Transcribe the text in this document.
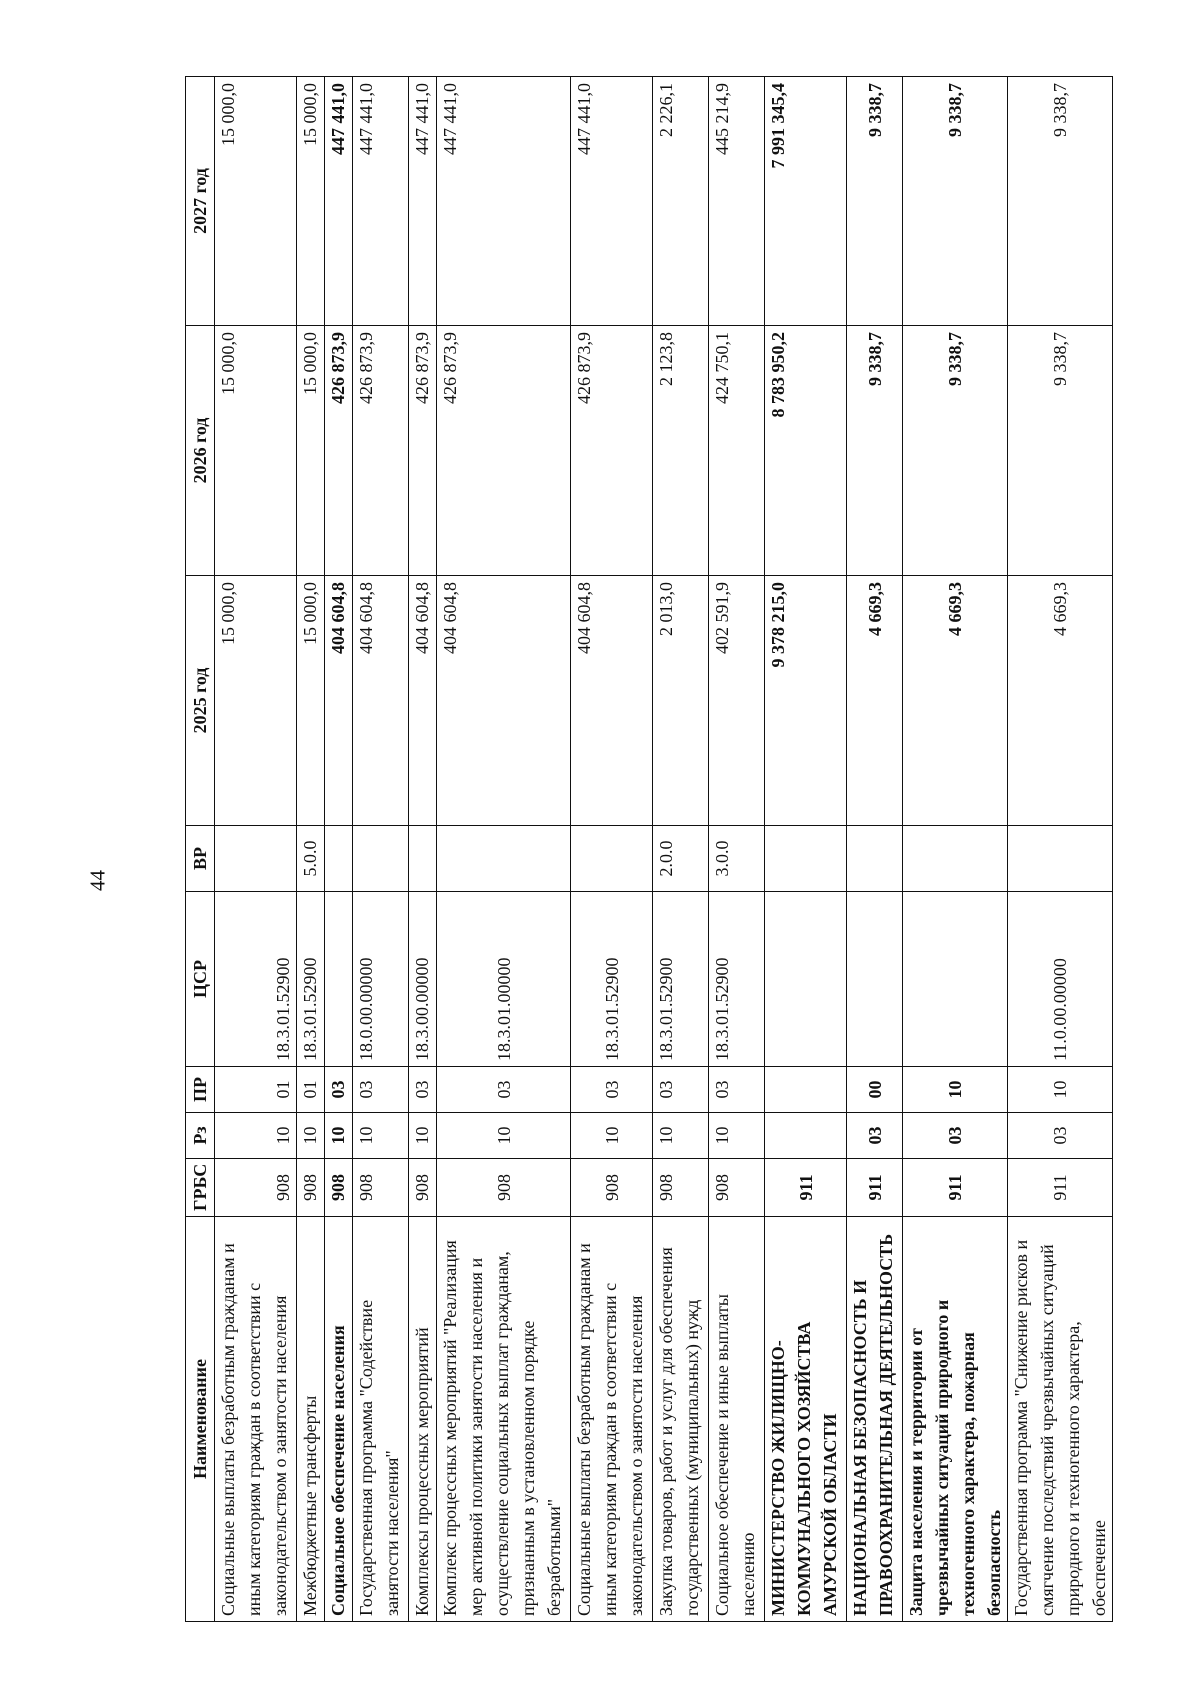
44
Наименование	ГРБС	Рз	ПР	ЦСР	ВР	2025 год	2026 год	2027 год
Социальные выплаты безработным гражданам и иным категориям граждан в соответствии с законодательством о занятости населения	908	10	01	18.3.01.52900		15 000,0	15 000,0	15 000,0
Межбюджетные трансферты	908	10	01	18.3.01.52900	5.0.0	15 000,0	15 000,0	15 000,0
Социальное обеспечение населения	908	10	03			404 604,8	426 873,9	447 441,0
Государственная программа "Содействие занятости населения"	908	10	03	18.0.00.00000		404 604,8	426 873,9	447 441,0
Комплексы процессных мероприятий	908	10	03	18.3.00.00000		404 604,8	426 873,9	447 441,0
Комплекс процессных мероприятий "Реализация мер активной политики занятости населения и осуществление социальных выплат гражданам, признанным в установленном порядке безработными"	908	10	03	18.3.01.00000		404 604,8	426 873,9	447 441,0
Социальные выплаты безработным гражданам и иным категориям граждан в соответствии с законодательством о занятости населения	908	10	03	18.3.01.52900		404 604,8	426 873,9	447 441,0
Закупка товаров, работ и услуг для обеспечения государственных (муниципальных) нужд	908	10	03	18.3.01.52900	2.0.0	2 013,0	2 123,8	2 226,1
Социальное обеспечение и иные выплаты населению	908	10	03	18.3.01.52900	3.0.0	402 591,9	424 750,1	445 214,9
МИНИСТЕРСТВО ЖИЛИЩНО-КОММУНАЛЬНОГО ХОЗЯЙСТВА АМУРСКОЙ ОБЛАСТИ	911					9 378 215,0	8 783 950,2	7 991 345,4
НАЦИОНАЛЬНАЯ БЕЗОПАСНОСТЬ И ПРАВООХРАНИТЕЛЬНАЯ ДЕЯТЕЛЬНОСТЬ	911	03	00			4 669,3	9 338,7	9 338,7
Защита населения и территории от чрезвычайных ситуаций природного и техногенного характера, пожарная безопасность	911	03	10			4 669,3	9 338,7	9 338,7
Государственная программа "Снижение рисков и смягчение последствий чрезвычайных ситуаций природного и техногенного характера, обеспечение	911	03	10	11.0.00.00000		4 669,3	9 338,7	9 338,7
